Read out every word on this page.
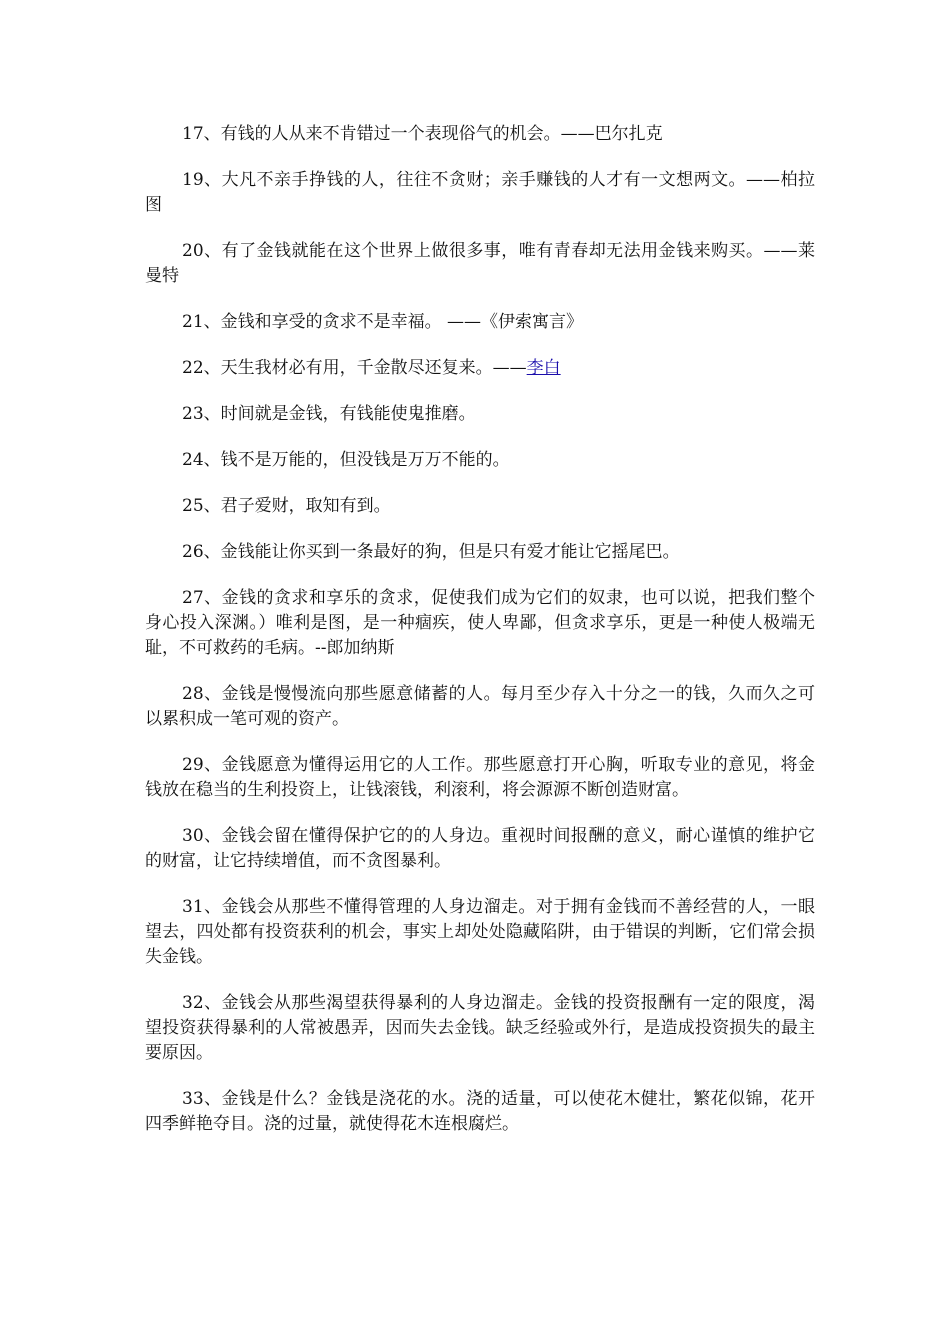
17、有钱的人从来不肯错过一个表现俗气的机会。——巴尔扎克

19、大凡不亲手挣钱的人，往往不贪财；亲手赚钱的人才有一文想两文。——柏拉图

20、有了金钱就能在这个世界上做很多事，唯有青春却无法用金钱来购买。——莱曼特

21、金钱和享受的贪求不是幸福。 ——《伊索寓言》

22、天生我材必有用，千金散尽还复来。——李白

23、时间就是金钱，有钱能使鬼推磨。

24、钱不是万能的，但没钱是万万不能的。

25、君子爱财，取知有到。

26、金钱能让你买到一条最好的狗，但是只有爱才能让它摇尾巴。

27、金钱的贪求和享乐的贪求，促使我们成为它们的奴隶，也可以说，把我们整个身心投入深渊。）唯利是图，是一种痼疾，使人卑鄙，但贪求享乐，更是一种使人极端无耻，不可救药的毛病。--郎加纳斯

28、金钱是慢慢流向那些愿意储蓄的人。每月至少存入十分之一的钱，久而久之可以累积成一笔可观的资产。

29、金钱愿意为懂得运用它的人工作。那些愿意打开心胸，听取专业的意见，将金钱放在稳当的生利投资上，让钱滚钱，利滚利，将会源源不断创造财富。

30、金钱会留在懂得保护它的的人身边。重视时间报酬的意义，耐心谨慎的维护它的财富，让它持续增值，而不贪图暴利。

31、金钱会从那些不懂得管理的人身边溜走。对于拥有金钱而不善经营的人，一眼望去，四处都有投资获利的机会，事实上却处处隐藏陷阱，由于错误的判断，它们常会损失金钱。

32、金钱会从那些渴望获得暴利的人身边溜走。金钱的投资报酬有一定的限度，渴望投资获得暴利的人常被愚弄，因而失去金钱。缺乏经验或外行，是造成投资损失的最主要原因。

33、金钱是什么？金钱是浇花的水。浇的适量，可以使花木健壮，繁花似锦，花开四季鲜艳夺目。浇的过量，就使得花木连根腐烂。
